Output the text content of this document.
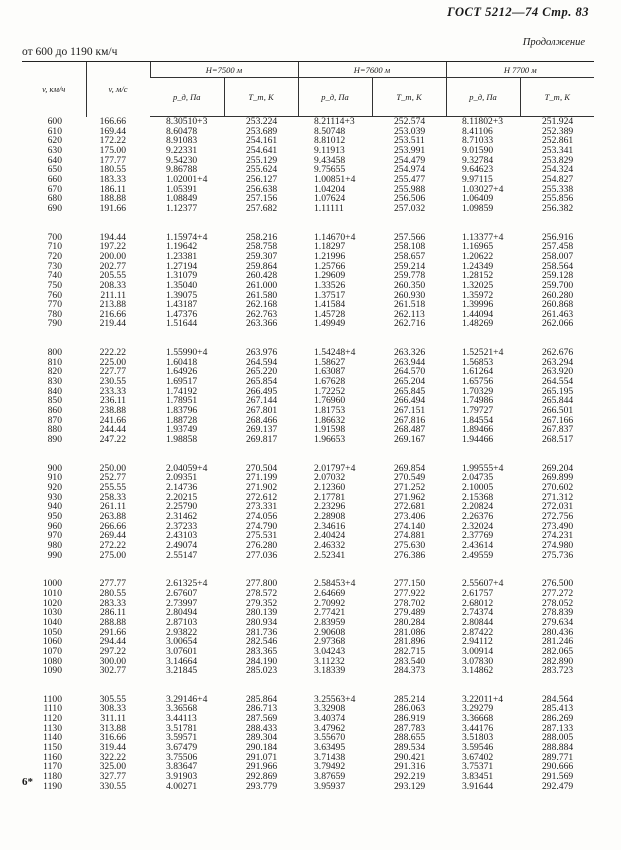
ГОСТ 5212—74 Стр. 83
Продолжение
от 600 до 1190 км/ч
v, км/ч	v, м/с	H=7500 м		H=7600 м		H 7700 м	
		p_д, Па	T_т, К	p_д, Па	T_т, К	p_д, Па	T_т, К
600	166.66	8.30510+3	253.224	8.21114+3	252.574	8.11802+3	251.924
610	169.44	8.60478	253.689	8.50748	253.039	8.41106	252.389
620	172.22	8.91083	254.161	8.81012	253.511	8.71033	252.861
630	175.00	9.22331	254.641	9.11913	253.991	9.01590	253.341
640	177.77	9.54230	255.129	9.43458	254.479	9.32784	253.829
650	180.55	9.86788	255.624	9.75655	254.974	9.64623	254.324
660	183.33	1.02001+4	256.127	1.00851+4	255.477	9.97115	254.827
670	186.11	1.05391	256.638	1.04204	255.988	1.03027+4	255.338
680	188.88	1.08849	257.156	1.07624	256.506	1.06409	255.856
690	191.66	1.12377	257.682	1.11111	257.032	1.09859	256.382

700	194.44	1.15974+4	258.216	1.14670+4	257.566	1.13377+4	256.916
710	197.22	1.19642	258.758	1.18297	258.108	1.16965	257.458
720	200.00	1.23381	259.307	1.21996	258.657	1.20622	258.007
730	202.77	1.27194	259.864	1.25766	259.214	1.24349	258.564
740	205.55	1.31079	260.428	1.29609	259.778	1.28152	259.128
750	208.33	1.35040	261.000	1.33526	260.350	1.32025	259.700
760	211.11	1.39075	261.580	1.37517	260.930	1.35972	260.280
770	213.88	1.43187	262.168	1.41584	261.518	1.39996	260.868
780	216.66	1.47376	262.763	1.45728	262.113	1.44094	261.463
790	219.44	1.51644	263.366	1.49949	262.716	1.48269	262.066

800	222.22	1.55990+4	263.976	1.54248+4	263.326	1.52521+4	262.676
810	225.00	1.60418	264.594	1.58627	263.944	1.56853	263.294
820	227.77	1.64926	265.220	1.63087	264.570	1.61264	263.920
830	230.55	1.69517	265.854	1.67628	265.204	1.65756	264.554
840	233.33	1.74192	266.495	1.72252	265.845	1.70329	265.195
850	236.11	1.78951	267.144	1.76960	266.494	1.74986	265.844
860	238.88	1.83796	267.801	1.81753	267.151	1.79727	266.501
870	241.66	1.88728	268.466	1.86632	267.816	1.84554	267.166
880	244.44	1.93749	269.137	1.91598	268.487	1.89466	267.837
890	247.22	1.98858	269.817	1.96653	269.167	1.94466	268.517

900	250.00	2.04059+4	270.504	2.01797+4	269.854	1.99555+4	269.204
910	252.77	2.09351	271.199	2.07032	270.549	2.04735	269.899
920	255.55	2.14736	271.902	2.12360	271.252	2.10005	270.602
930	258.33	2.20215	272.612	2.17781	271.962	2.15368	271.312
940	261.11	2.25790	273.331	2.23296	272.681	2.20824	272.031
950	263.88	2.31462	274.056	2.28908	273.406	2.26376	272.756
960	266.66	2.37233	274.790	2.34616	274.140	2.32024	273.490
970	269.44	2.43103	275.531	2.40424	274.881	2.37769	274.231
980	272.22	2.49074	276.280	2.46332	275.630	2.43614	274.980
990	275.00	2.55147	277.036	2.52341	276.386	2.49559	275.736

1000	277.77	2.61325+4	277.800	2.58453+4	277.150	2.55607+4	276.500
1010	280.55	2.67607	278.572	2.64669	277.922	2.61757	277.272
1020	283.33	2.73997	279.352	2.70992	278.702	2.68012	278.052
1030	286.11	2.80494	280.139	2.77421	279.489	2.74374	278.839
1040	288.88	2.87103	280.934	2.83959	280.284	2.80844	279.634
1050	291.66	2.93822	281.736	2.90608	281.086	2.87422	280.436
1060	294.44	3.00654	282.546	2.97368	281.896	2.94112	281.246
1070	297.22	3.07601	283.365	3.04243	282.715	3.00914	282.065
1080	300.00	3.14664	284.190	3.11232	283.540	3.07830	282.890
1090	302.77	3.21845	285.023	3.18339	284.373	3.14862	283.723

1100	305.55	3.29146+4	285.864	3.25563+4	285.214	3.22011+4	284.564
1110	308.33	3.36568	286.713	3.32908	286.063	3.29279	285.413
1120	311.11	3.44113	287.569	3.40374	286.919	3.36668	286.269
1130	313.88	3.51781	288.433	3.47962	287.783	3.44176	287.133
1140	316.66	3.59571	289.304	3.55670	288.655	3.51803	288.005
1150	319.44	3.67479	290.184	3.63495	289.534	3.59546	288.884
1160	322.22	3.75506	291.071	3.71438	290.421	3.67402	289.771
1170	325.00	3.83647	291.966	3.79492	291.316	3.75371	290.666
1180	327.77	3.91903	292.869	3.87659	292.219	3.83451	291.569
1190	330.55	4.00271	293.779	3.95937	293.129	3.91644	292.479
6*
